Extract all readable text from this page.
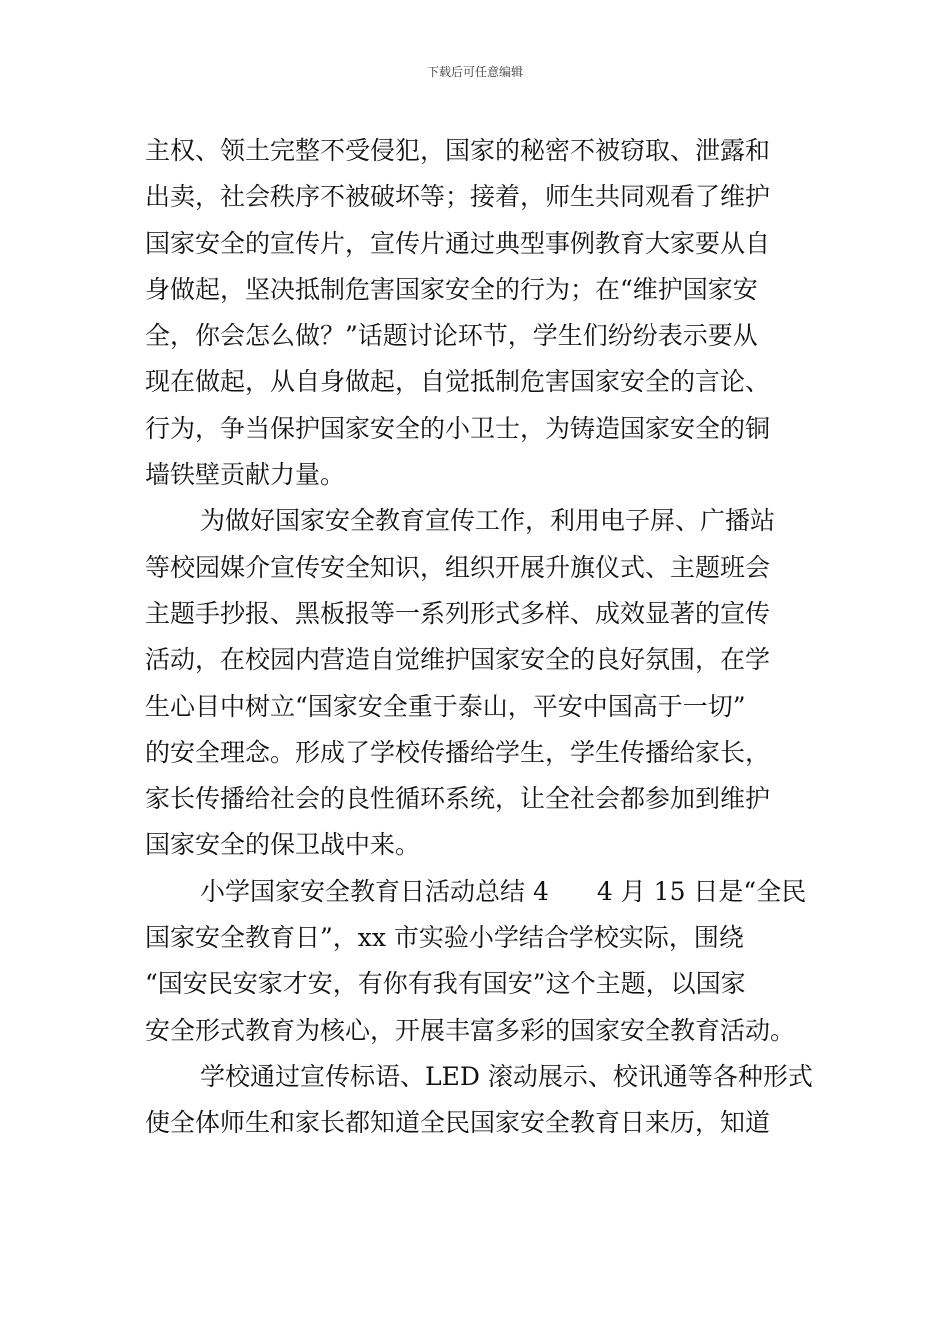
下载后可任意编辑
主权、领土完整不受侵犯，国家的秘密不被窃取、泄露和
出卖，社会秩序不被破坏等；接着，师生共同观看了维护
国家安全的宣传片，宣传片通过典型事例教育大家要从自
身做起，坚决抵制危害国家安全的行为；在“维护国家安
全，你会怎么做？”话题讨论环节，学生们纷纷表示要从
现在做起，从自身做起，自觉抵制危害国家安全的言论、
行为，争当保护国家安全的小卫士，为铸造国家安全的铜
墙铁壁贡献力量。
为做好国家安全教育宣传工作，利用电子屏、广播站
等校园媒介宣传安全知识，组织开展升旗仪式、主题班会
主题手抄报、黑板报等一系列形式多样、成效显著的宣传
活动，在校园内营造自觉维护国家安全的良好氛围，在学
生心目中树立“国家安全重于泰山，平安中国高于一切”
的安全理念。形成了学校传播给学生，学生传播给家长，
家长传播给社会的良性循环系统，让全社会都参加到维护
国家安全的保卫战中来。
小学国家安全教育日活动总结 4 4 月 15 日是“全民
国家安全教育日”，xx 市实验小学结合学校实际，围绕
“国安民安家才安，有你有我有国安”这个主题，以国家
安全形式教育为核心，开展丰富多彩的国家安全教育活动。
学校通过宣传标语、LED 滚动展示、校讯通等各种形式
使全体师生和家长都知道全民国家安全教育日来历，知道
